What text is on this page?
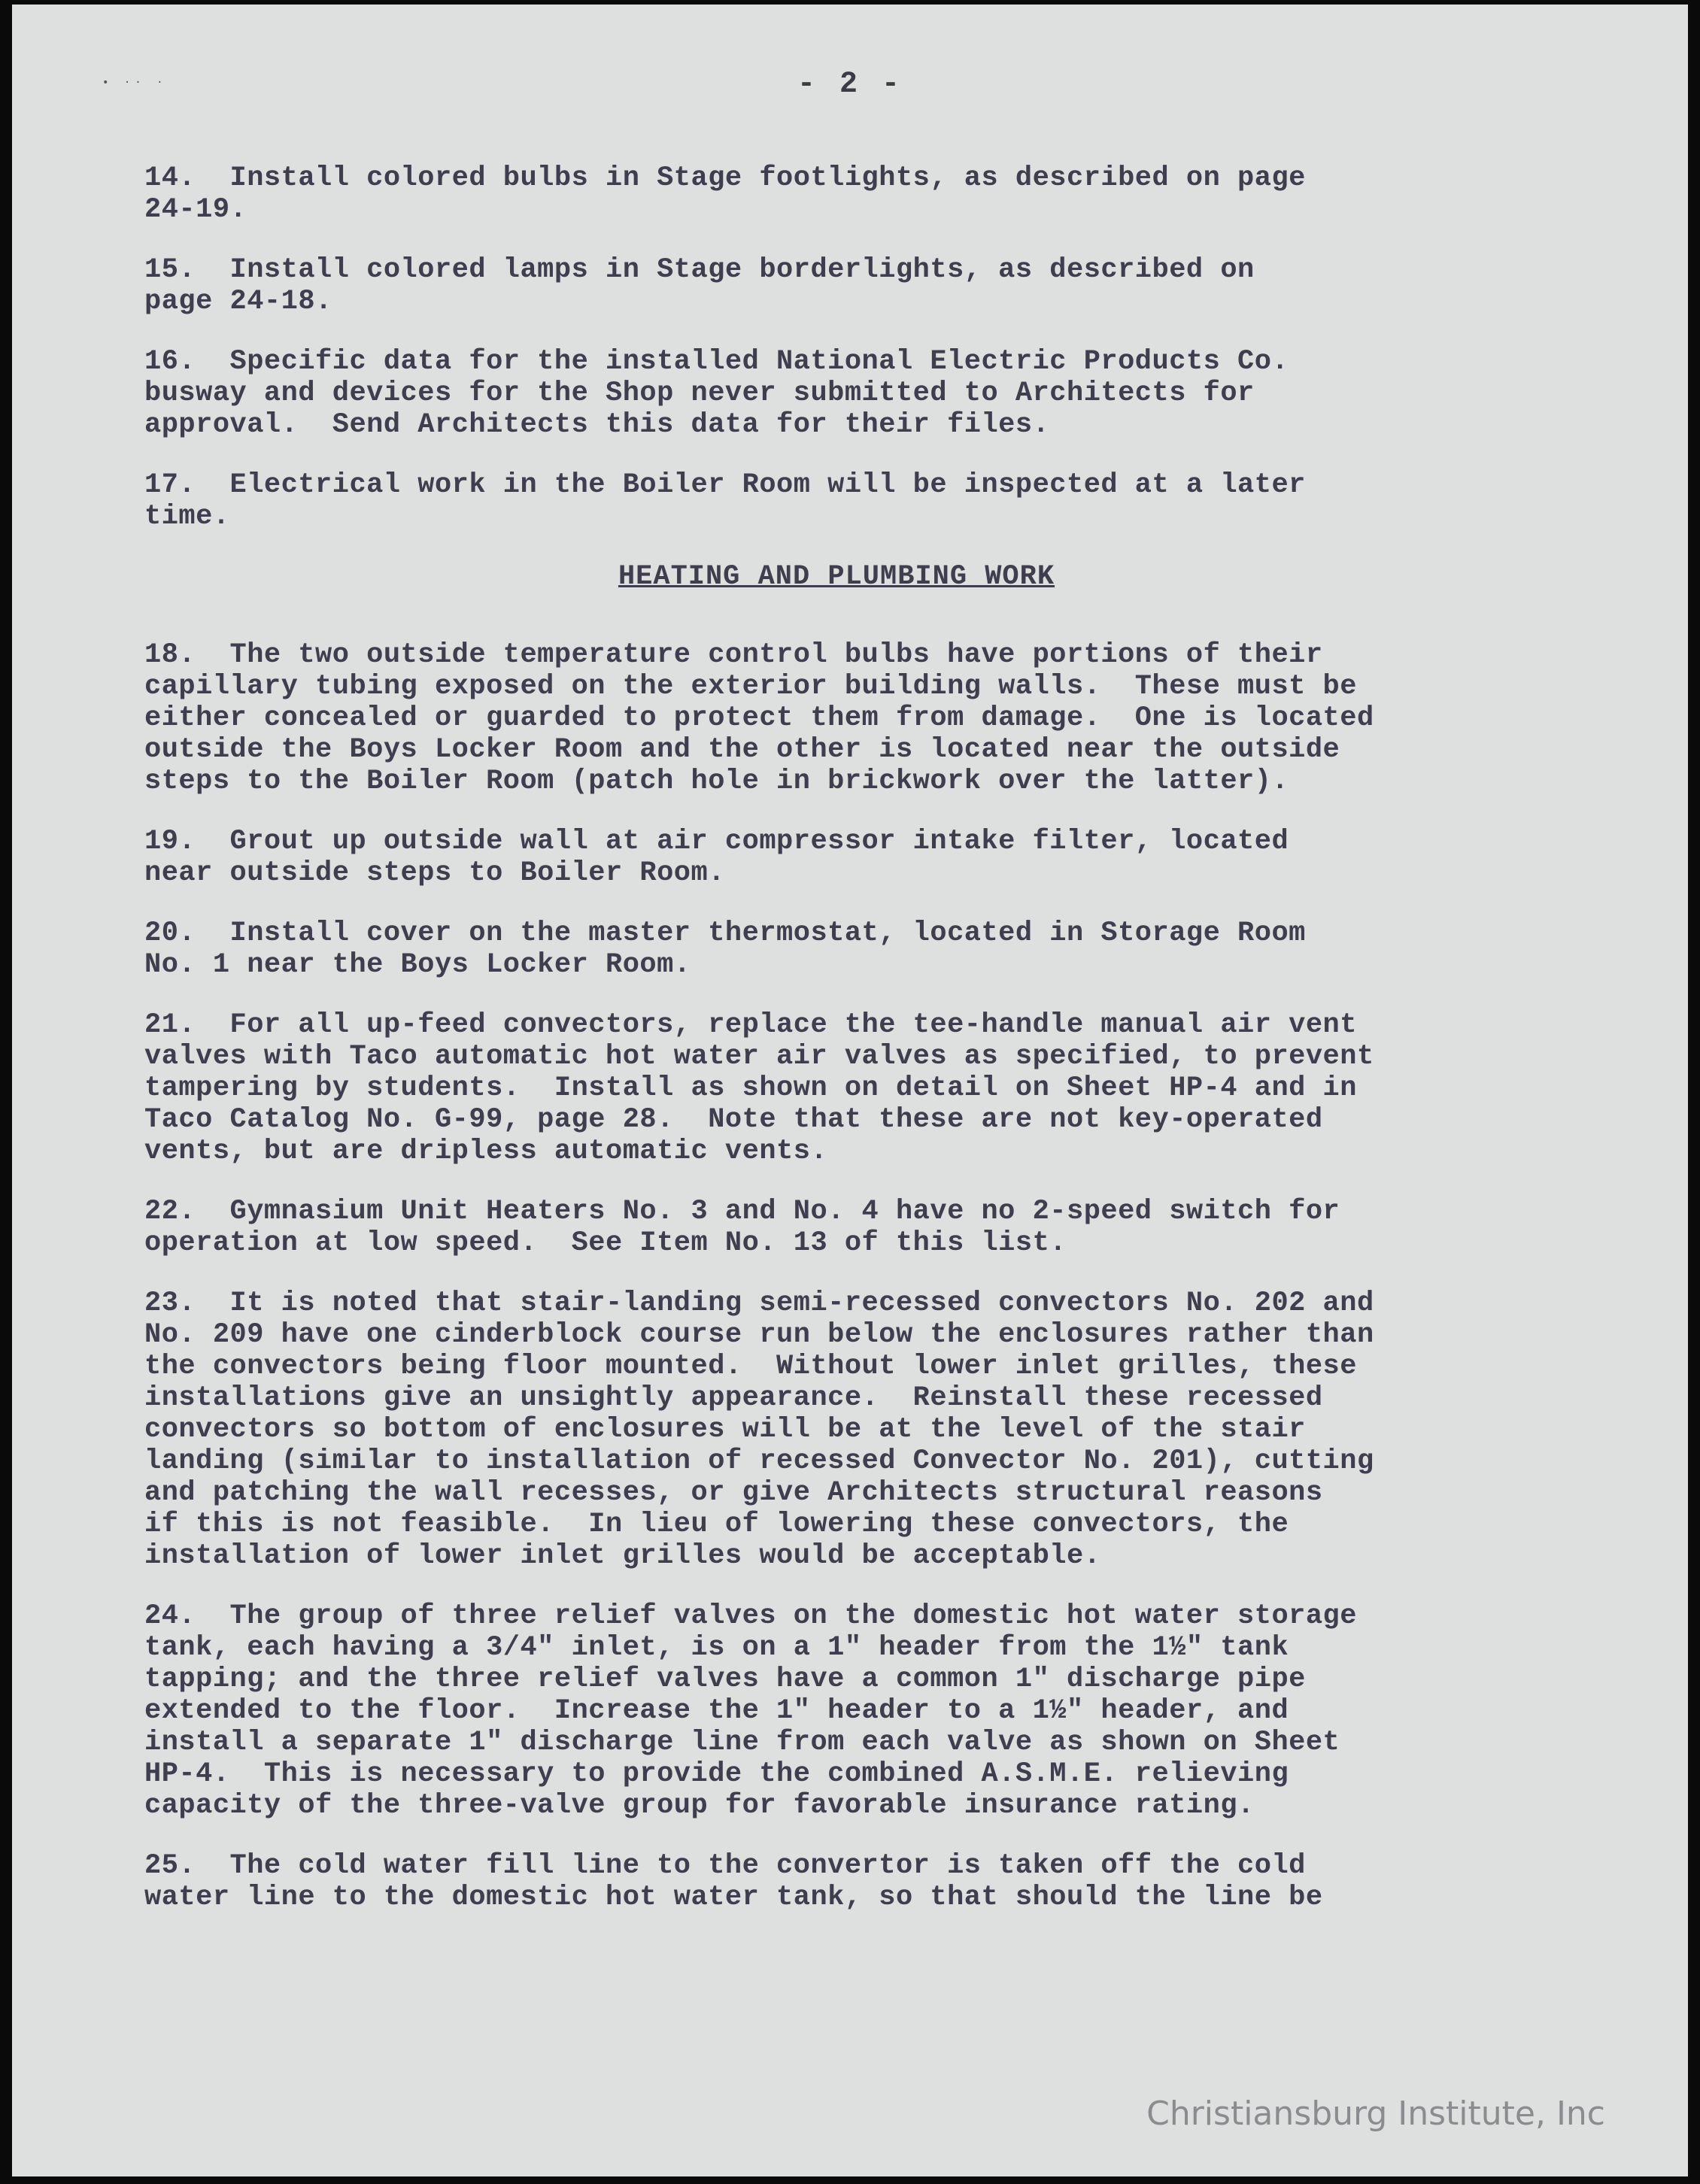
• ·· ·	- 2 -
14.  Install colored bulbs in Stage footlights, as described on page
24-19.
15.  Install colored lamps in Stage borderlights, as described on
page 24-18.
16.  Specific data for the installed National Electric Products Co.
busway and devices for the Shop never submitted to Architects for
approval.  Send Architects this data for their files.
17.  Electrical work in the Boiler Room will be inspected at a later
time.
HEATING AND PLUMBING WORK
18.  The two outside temperature control bulbs have portions of their
capillary tubing exposed on the exterior building walls.  These must be
either concealed or guarded to protect them from damage.  One is located
outside the Boys Locker Room and the other is located near the outside
steps to the Boiler Room (patch hole in brickwork over the latter).
19.  Grout up outside wall at air compressor intake filter, located
near outside steps to Boiler Room.
20.  Install cover on the master thermostat, located in Storage Room
No. 1 near the Boys Locker Room.
21.  For all up-feed convectors, replace the tee-handle manual air vent
valves with Taco automatic hot water air valves as specified, to prevent
tampering by students.  Install as shown on detail on Sheet HP-4 and in
Taco Catalog No. G-99, page 28.  Note that these are not key-operated
vents, but are dripless automatic vents.
22.  Gymnasium Unit Heaters No. 3 and No. 4 have no 2-speed switch for
operation at low speed.  See Item No. 13 of this list.
23.  It is noted that stair-landing semi-recessed convectors No. 202 and
No. 209 have one cinderblock course run below the enclosures rather than
the convectors being floor mounted.  Without lower inlet grilles, these
installations give an unsightly appearance.  Reinstall these recessed
convectors so bottom of enclosures will be at the level of the stair
landing (similar to installation of recessed Convector No. 201), cutting
and patching the wall recesses, or give Architects structural reasons
if this is not feasible.  In lieu of lowering these convectors, the
installation of lower inlet grilles would be acceptable.
24.  The group of three relief valves on the domestic hot water storage
tank, each having a 3/4" inlet, is on a 1" header from the 1½" tank
tapping; and the three relief valves have a common 1" discharge pipe
extended to the floor.  Increase the 1" header to a 1½" header, and
install a separate 1" discharge line from each valve as shown on Sheet
HP-4.  This is necessary to provide the combined A.S.M.E. relieving
capacity of the three-valve group for favorable insurance rating.
25.  The cold water fill line to the convertor is taken off the cold
water line to the domestic hot water tank, so that should the line be
Christiansburg Institute, Inc
